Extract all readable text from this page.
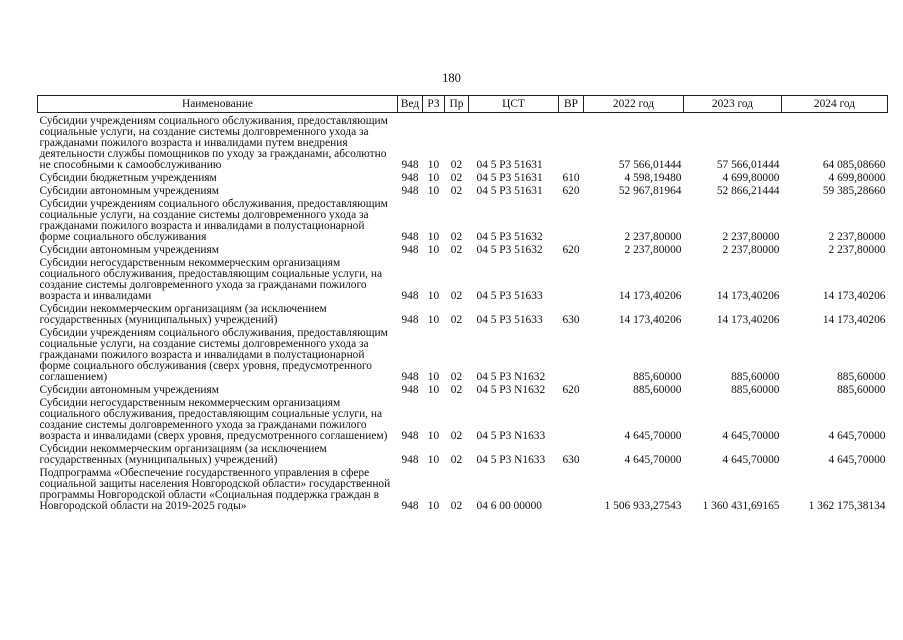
180
Наименование	Вед	РЗ	Пр	ЦСТ	ВР	2022 год	2023 год	2024 год
Субсидии учреждениям социального обслуживания, предоставляющим социальные услуги, на создание системы долговременного ухода за гражданами пожилого возраста и инвалидами путем внедрения деятельности службы помощников по уходу за гражданами, абсолютно не способными к самообслуживанию	948	10	02	04 5 Р3 51631		57 566,01444	57 566,01444	64 085,08660
Субсидии бюджетным учреждениям	948	10	02	04 5 Р3 51631	610	4 598,19480	4 699,80000	4 699,80000
Субсидии автономным учреждениям	948	10	02	04 5 Р3 51631	620	52 967,81964	52 866,21444	59 385,28660
Субсидии учреждениям социального обслуживания, предоставляющим социальные услуги, на создание системы долговременного ухода за гражданами пожилого возраста и инвалидами в полустационарной форме социального обслуживания	948	10	02	04 5 Р3 51632		2 237,80000	2 237,80000	2 237,80000
Субсидии автономным учреждениям	948	10	02	04 5 Р3 51632	620	2 237,80000	2 237,80000	2 237,80000
Субсидии негосударственным некоммерческим организациям социального обслуживания, предоставляющим социальные услуги, на создание системы долговременного ухода за гражданами пожилого возраста и инвалидами	948	10	02	04 5 Р3 51633		14 173,40206	14 173,40206	14 173,40206
Субсидии некоммерческим организациям (за исключением государственных (муниципальных) учреждений)	948	10	02	04 5 Р3 51633	630	14 173,40206	14 173,40206	14 173,40206
Субсидии учреждениям социального обслуживания, предоставляющим социальные услуги, на создание системы долговременного ухода за гражданами пожилого возраста и инвалидами в полустационарной форме социального обслуживания (сверх уровня, предусмотренного соглашением)	948	10	02	04 5 Р3 N1632		885,60000	885,60000	885,60000
Субсидии автономным учреждениям	948	10	02	04 5 Р3 N1632	620	885,60000	885,60000	885,60000
Субсидии негосударственным некоммерческим организациям социального обслуживания, предоставляющим социальные услуги, на создание системы долговременного ухода за гражданами пожилого возраста и инвалидами (сверх уровня, предусмотренного соглашением)	948	10	02	04 5 Р3 N1633		4 645,70000	4 645,70000	4 645,70000
Субсидии некоммерческим организациям (за исключением государственных (муниципальных) учреждений)	948	10	02	04 5 Р3 N1633	630	4 645,70000	4 645,70000	4 645,70000
Подпрограмма «Обеспечение государственного управления в сфере социальной защиты населения Новгородской области» государственной программы Новгородской области «Социальная поддержка граждан в Новгородской области на 2019-2025 годы»	948	10	02	04 6 00 00000		1 506 933,27543	1 360 431,69165	1 362 175,38134
